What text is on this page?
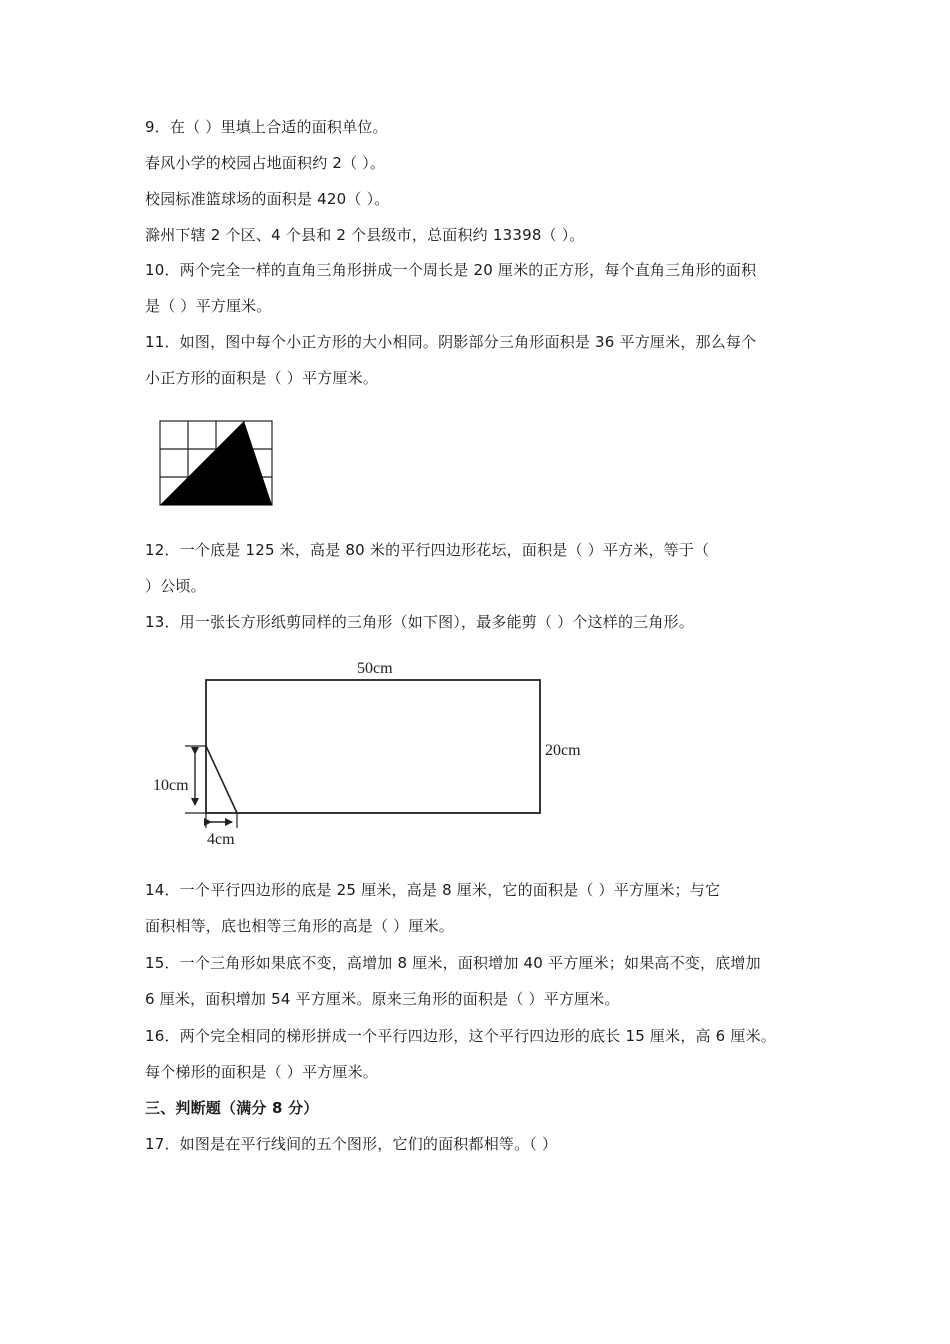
9．在（ ）里填上合适的面积单位。
春风小学的校园占地面积约 2（ ）。
校园标准篮球场的面积是 420（ ）。
滁州下辖 2 个区、4 个县和 2 个县级市，总面积约 13398（ ）。
10．两个完全一样的直角三角形拼成一个周长是 20 厘米的正方形，每个直角三角形的面积
是（ ）平方厘米。
11．如图，图中每个小正方形的大小相同。阴影部分三角形面积是 36 平方厘米，那么每个
小正方形的面积是（ ）平方厘米。
12．一个底是 125 米，高是 80 米的平行四边形花坛，面积是（ ）平方米，等于（
）公顷。
13．用一张长方形纸剪同样的三角形（如下图），最多能剪（ ）个这样的三角形。
50cm
20cm
10cm
4cm
14．一个平行四边形的底是 25 厘米，高是 8 厘米，它的面积是（ ）平方厘米；与它
面积相等，底也相等三角形的高是（ ）厘米。
15．一个三角形如果底不变，高增加 8 厘米，面积增加 40 平方厘米；如果高不变，底增加
6 厘米，面积增加 54 平方厘米。原来三角形的面积是（ ）平方厘米。
16．两个完全相同的梯形拼成一个平行四边形，这个平行四边形的底长 15 厘米，高 6 厘米。
每个梯形的面积是（ ）平方厘米。
三、判断题（满分 8 分）
17．如图是在平行线间的五个图形，它们的面积都相等。（ ）
